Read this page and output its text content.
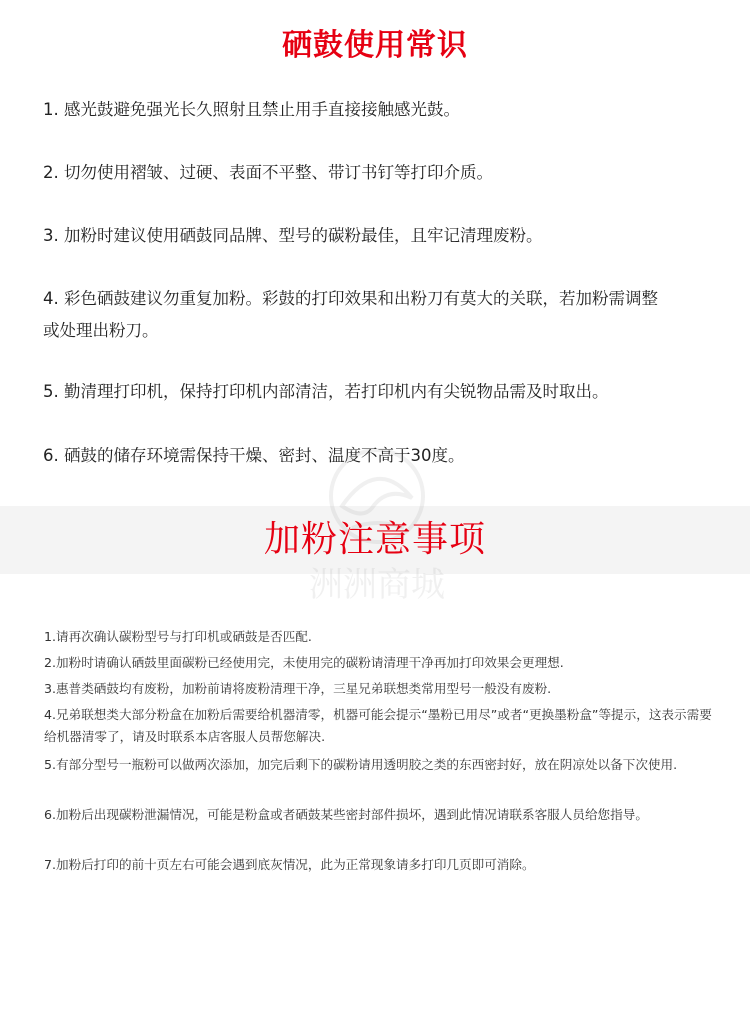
硒鼓使用常识
1. 感光鼓避免强光长久照射且禁止用手直接接触感光鼓。
2. 切勿使用褶皱、过硬、表面不平整、带订书钉等打印介质。
3. 加粉时建议使用硒鼓同品牌、型号的碳粉最佳，且牢记清理废粉。
4. 彩色硒鼓建议勿重复加粉。彩鼓的打印效果和出粉刀有莫大的关联，若加粉需调整或处理出粉刀。
5. 勤清理打印机，保持打印机内部清洁，若打印机内有尖锐物品需及时取出。
6. 硒鼓的储存环境需保持干燥、密封、温度不高于30度。
洲洲商城
加粉注意事项
1.请再次确认碳粉型号与打印机或硒鼓是否匹配.
2.加粉时请确认硒鼓里面碳粉已经使用完，未使用完的碳粉请清理干净再加打印效果会更理想.
3.惠普类硒鼓均有废粉，加粉前请将废粉清理干净，三星兄弟联想类常用型号一般没有废粉.
4.兄弟联想类大部分粉盒在加粉后需要给机器清零，机器可能会提示“墨粉已用尽”或者“更换墨粉盒”等提示，这表示需要给机器清零了，请及时联系本店客服人员帮您解决.
5.有部分型号一瓶粉可以做两次添加，加完后剩下的碳粉请用透明胶之类的东西密封好，放在阴凉处以备下次使用.
6.加粉后出现碳粉泄漏情况，可能是粉盒或者硒鼓某些密封部件损坏，遇到此情况请联系客服人员给您指导。
7.加粉后打印的前十页左右可能会遇到底灰情况，此为正常现象请多打印几页即可消除。
